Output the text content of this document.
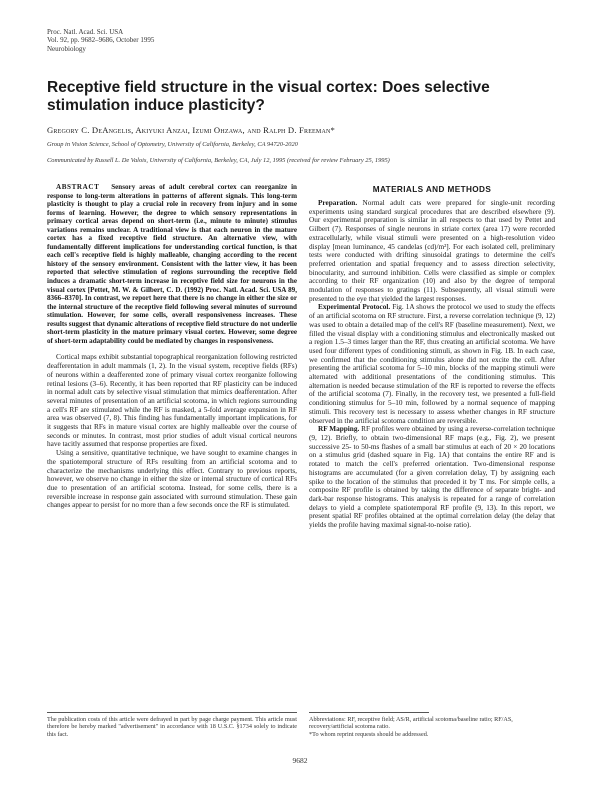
Proc. Natl. Acad. Sci. USA
Vol. 92, pp. 9682–9686, October 1995
Neurobiology
Receptive field structure in the visual cortex: Does selective stimulation induce plasticity?
Gregory C. DeAngelis, Akiyuki Anzai, Izumi Ohzawa, and Ralph D. Freeman*
Group in Vision Science, School of Optometry, University of California, Berkeley, CA 94720-2020
Communicated by Russell L. De Valois, University of California, Berkeley, CA, July 12, 1995 (received for review February 25, 1995)

ABSTRACT Sensory areas of adult cerebral cortex can reorganize in response to long-term alterations in patterns of afferent signals. This long-term plasticity is thought to play a crucial role in recovery from injury and in some forms of learning. However, the degree to which sensory representations in primary cortical areas depend on short-term (i.e., minute to minute) stimulus variations remains unclear. A traditional view is that each neuron in the mature cortex has a fixed receptive field structure. An alternative view, with fundamentally different implications for understanding cortical function, is that each cell's receptive field is highly malleable, changing according to the recent history of the sensory environment. Consistent with the latter view, it has been reported that selective stimulation of regions surrounding the receptive field induces a dramatic short-term increase in receptive field size for neurons in the visual cortex [Pettet, M. W. & Gilbert, C. D. (1992) Proc. Natl. Acad. Sci. USA 89, 8366–8370]. In contrast, we report here that there is no change in either the size or the internal structure of the receptive field following several minutes of surround stimulation. However, for some cells, overall responsiveness increases. These results suggest that dynamic alterations of receptive field structure do not underlie short-term plasticity in the mature primary visual cortex. However, some degree of short-term adaptability could be mediated by changes in responsiveness.

Cortical maps exhibit substantial topographical reorganization following restricted deafferentation in adult mammals (1, 2). In the visual system, receptive fields (RFs) of neurons within a deafferented zone of primary visual cortex reorganize following retinal lesions (3–6). Recently, it has been reported that RF plasticity can be induced in normal adult cats by selective visual stimulation that mimics deafferentation. After several minutes of presentation of an artificial scotoma, in which regions surrounding a cell's RF are stimulated while the RF is masked, a 5-fold average expansion in RF area was observed (7, 8). This finding has fundamentally important implications, for it suggests that RFs in mature visual cortex are highly malleable over the course of seconds or minutes. In contrast, most prior studies of adult visual cortical neurons have tacitly assumed that response properties are fixed.

Using a sensitive, quantitative technique, we have sought to examine changes in the spatiotemporal structure of RFs resulting from an artificial scotoma and to characterize the mechanisms underlying this effect. Contrary to previous reports, however, we observe no change in either the size or internal structure of cortical RFs due to presentation of an artificial scotoma. Instead, for some cells, there is a reversible increase in response gain associated with surround stimulation. These gain changes appear to persist for no more than a few seconds once the RF is stimulated.

MATERIALS AND METHODS

Preparation. Normal adult cats were prepared for single-unit recording experiments using standard surgical procedures that are described elsewhere (9). Our experimental preparation is similar in all respects to that used by Pettet and Gilbert (7). Responses of single neurons in striate cortex (area 17) were recorded extracellularly, while visual stimuli were presented on a high-resolution video display [mean luminance, 45 candelas (cd)/m²]. For each isolated cell, preliminary tests were conducted with drifting sinusoidal gratings to determine the cell's preferred orientation and spatial frequency and to assess direction selectivity, binocularity, and surround inhibition. Cells were classified as simple or complex according to their RF organization (10) and also by the degree of temporal modulation of responses to gratings (11). Subsequently, all visual stimuli were presented to the eye that yielded the largest responses.

Experimental Protocol. Fig. 1A shows the protocol we used to study the effects of an artificial scotoma on RF structure. First, a reverse correlation technique (9, 12) was used to obtain a detailed map of the cell's RF (baseline measurement). Next, we filled the visual display with a conditioning stimulus and electronically masked out a region 1.5–3 times larger than the RF, thus creating an artificial scotoma. We have used four different types of conditioning stimuli, as shown in Fig. 1B. In each case, we confirmed that the conditioning stimulus alone did not excite the cell. After presenting the artificial scotoma for 5–10 min, blocks of the mapping stimuli were alternated with additional presentations of the conditioning stimulus. This alternation is needed because stimulation of the RF is reported to reverse the effects of the artificial scotoma (7). Finally, in the recovery test, we presented a full-field conditioning stimulus for 5–10 min, followed by a normal sequence of mapping stimuli. This recovery test is necessary to assess whether changes in RF structure observed in the artificial scotoma condition are reversible.

RF Mapping. RF profiles were obtained by using a reverse-correlation technique (9, 12). Briefly, to obtain two-dimensional RF maps (e.g., Fig. 2), we present successive 25- to 50-ms flashes of a small bar stimulus at each of 20 × 20 locations on a stimulus grid (dashed square in Fig. 1A) that contains the entire RF and is rotated to match the cell's preferred orientation. Two-dimensional response histograms are accumulated (for a given correlation delay, T) by assigning each spike to the location of the stimulus that preceded it by T ms. For simple cells, a composite RF profile is obtained by taking the difference of separate bright- and dark-bar response histograms. This analysis is repeated for a range of correlation delays to yield a complete spatiotemporal RF profile (9, 13). In this report, we present spatial RF profiles obtained at the optimal correlation delay (the delay that yields the profile having maximal signal-to-noise ratio).

The publication costs of this article were defrayed in part by page charge payment. This article must therefore be hereby marked "advertisement" in accordance with 18 U.S.C. §1734 solely to indicate this fact.
Abbreviations: RF, receptive field; AS/R, artificial scotoma/baseline ratio; RF/AS, recovery/artificial scotoma ratio.
*To whom reprint requests should be addressed.
9682
